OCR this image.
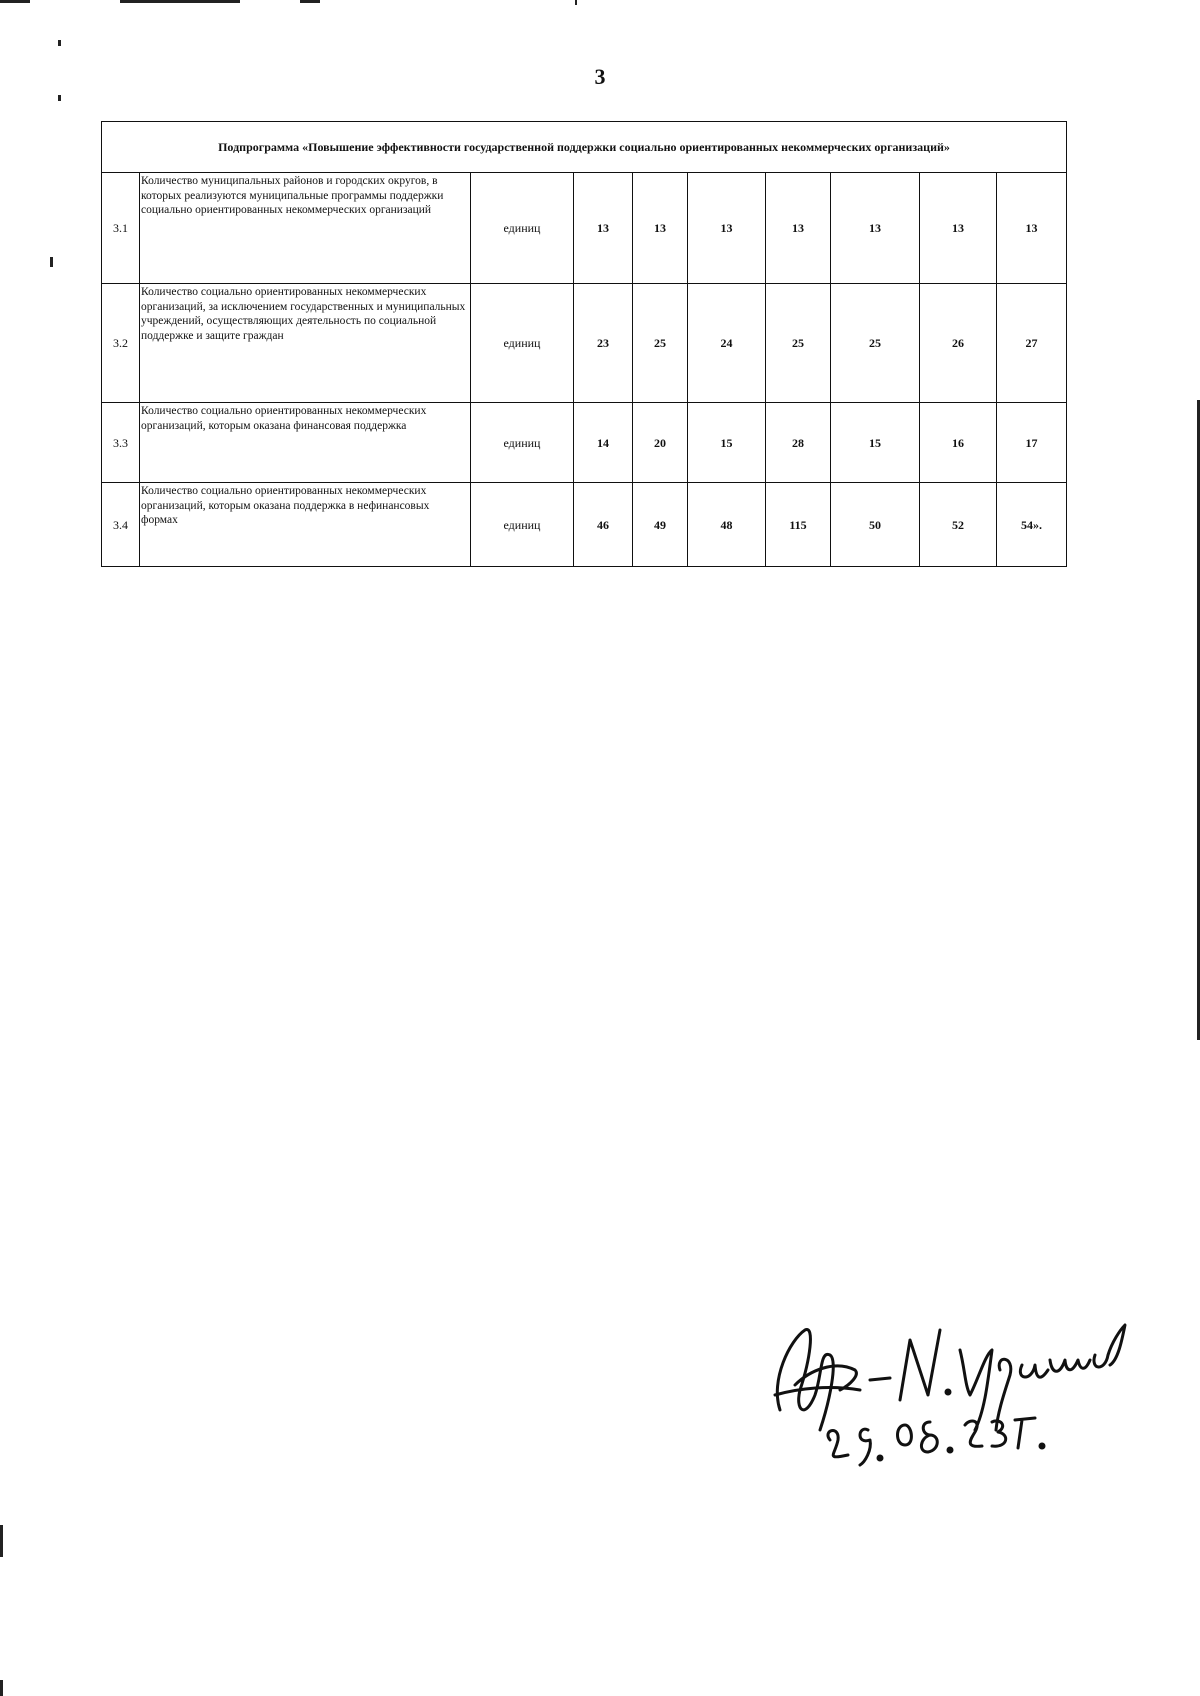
3
Подпрограмма «Повышение эффективности государственной поддержки социально ориентированных некоммерческих организаций»									
3.1	Количество муниципальных районов и городских округов, в которых реализуются муниципальные программы поддержки социально ориентированных некоммерческих организаций	единиц	13	13	13	13	13	13	13
3.2	Количество социально ориентированных некоммерческих организаций, за исключением государственных и муниципальных учреждений, осуществляющих деятельность по социальной поддержке и защите граждан	единиц	23	25	24	25	25	26	27
3.3	Количество социально ориентированных некоммерческих организаций, которым оказана финансовая поддержка	единиц	14	20	15	28	15	16	17
3.4	Количество социально ориентированных некоммерческих организаций, которым оказана поддержка в нефинансовых формах	единиц	46	49	48	115	50	52	54».
